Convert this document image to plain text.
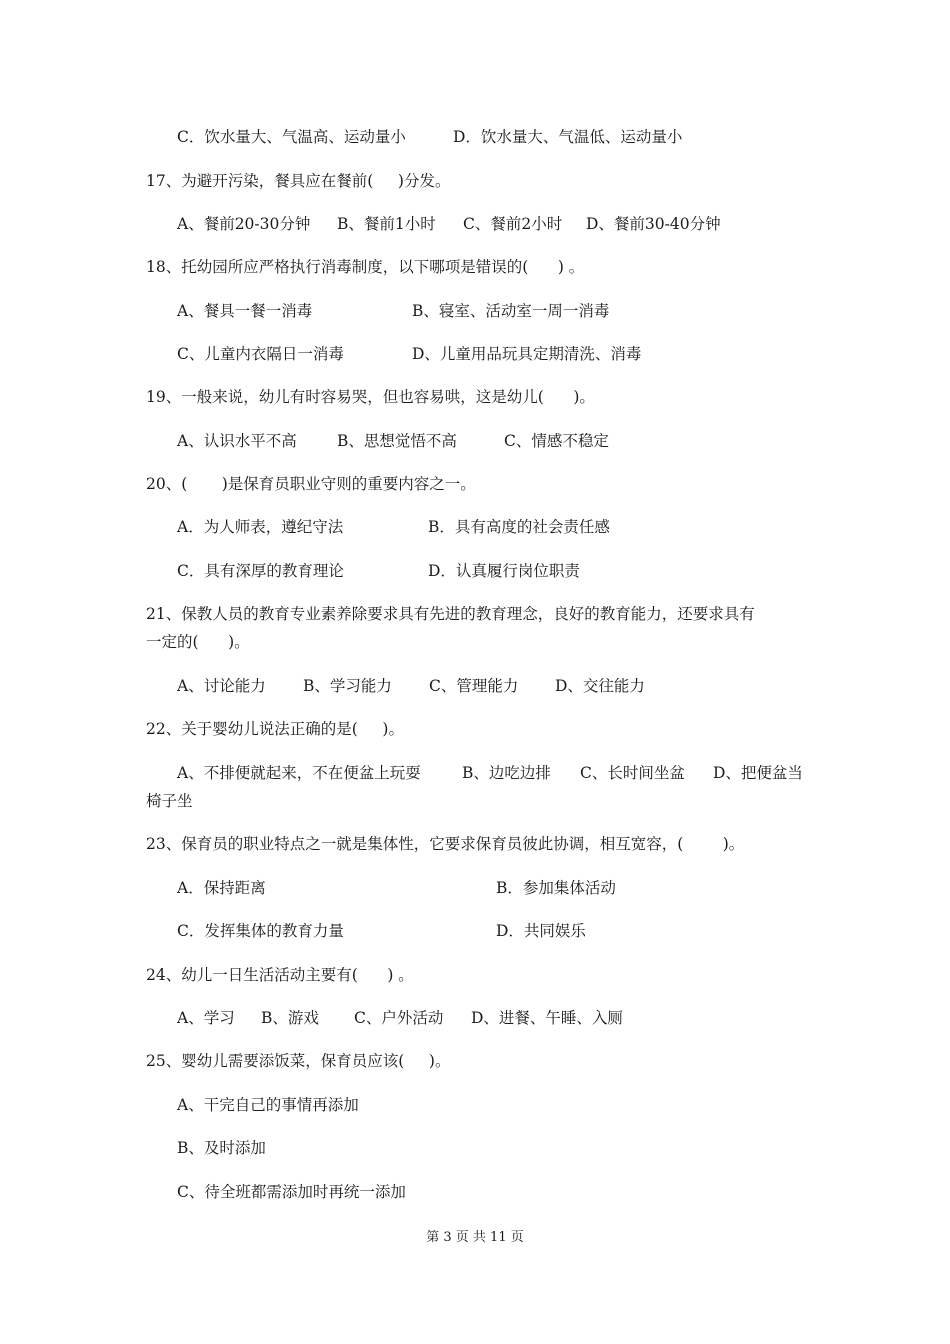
C．饮水量大、气温高、运动量小	D．饮水量大、气温低、运动量小
17、为避开污染，餐具应在餐前(     )分发。
A、餐前20-30分钟 B、餐前1小时 C、餐前2小时 D、餐前30-40分钟
18、托幼园所应严格执行消毒制度，以下哪项是错误的(      ) 。
A、餐具一餐一消毒	B、寝室、活动室一周一消毒
C、儿童内衣隔日一消毒	D、儿童用品玩具定期清洗、消毒
19、一般来说，幼儿有时容易哭，但也容易哄，这是幼儿(      )。
A、认识水平不高	B、思想觉悟不高	C、情感不稳定
20、(       )是保育员职业守则的重要内容之一。
A．为人师表，遵纪守法	B．具有高度的社会责任感
C．具有深厚的教育理论	D．认真履行岗位职责
21、保教人员的教育专业素养除要求具有先进的教育理念，良好的教育能力，还要求具有
一定的(      )。
A、讨论能力 B、学习能力 C、管理能力 D、交往能力
22、关于婴幼儿说法正确的是(     )。
A、不排便就起来，不在便盆上玩耍	B、边吃边排 C、长时间坐盆 D、把便盆当
椅子坐
23、保育员的职业特点之一就是集体性，它要求保育员彼此协调，相互宽容，(        )。
A．保持距离	B．参加集体活动
C．发挥集体的教育力量	D．共同娱乐
24、幼儿一日生活活动主要有(      ) 。
A、学习 B、游戏 C、户外活动 D、进餐、午睡、入厕
25、婴幼儿需要添饭菜，保育员应该(     )。
A、干完自己的事情再添加
B、及时添加
C、待全班都需添加时再统一添加
第 3 页 共 11 页
